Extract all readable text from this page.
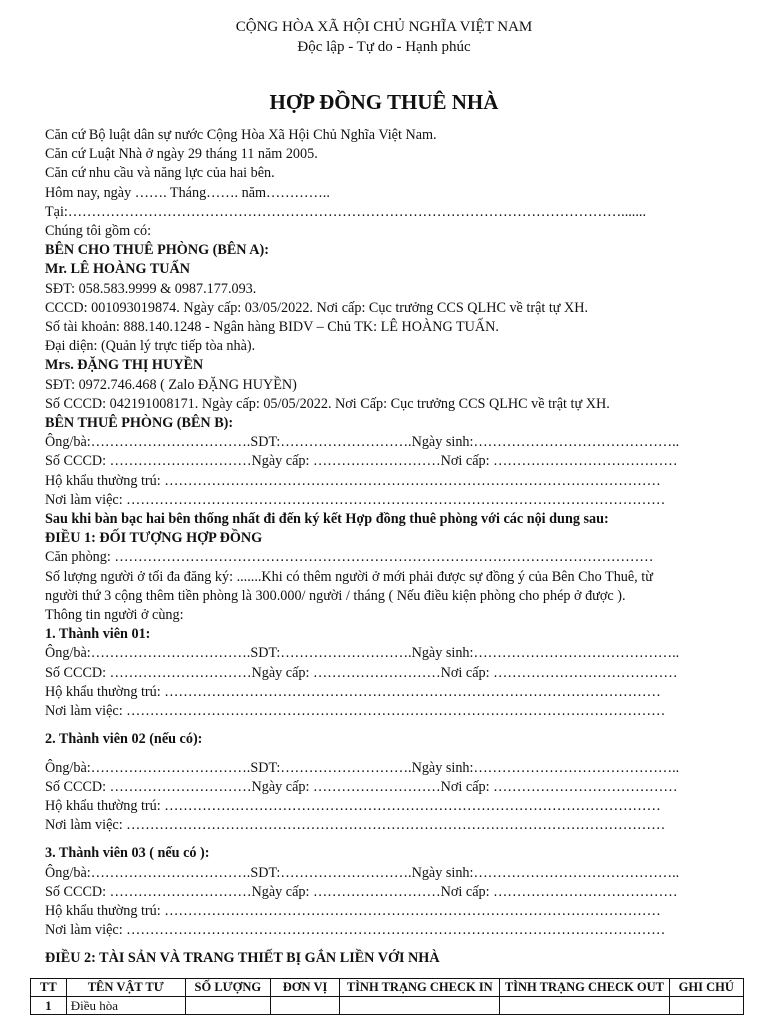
CỘNG HÒA XÃ HỘI CHỦ NGHĨA VIỆT NAM
Độc lập - Tự do - Hạnh phúc
HỢP ĐỒNG THUÊ NHÀ
Căn cứ Bộ luật dân sự nước Cộng Hòa Xã Hội Chủ Nghĩa Việt Nam.
Căn cứ Luật Nhà ở ngày 29 tháng 11 năm 2005.
Căn cứ nhu cầu và năng lực của hai bên.
Hôm nay, ngày ……. Tháng……. năm…………..
Tại:……………………………………………………………………………………………………….......
Chúng tôi gồm có:
BÊN CHO THUÊ PHÒNG (BÊN A):
Mr. LÊ HOÀNG TUẤN
SĐT: 058.583.9999 & 0987.177.093.
CCCD: 001093019874. Ngày cấp: 03/05/2022. Nơi cấp: Cục trưởng CCS QLHC về trật tự XH.
Số tài khoản: 888.140.1248 - Ngân hàng BIDV – Chủ TK: LÊ HOÀNG TUẤN.
Đại diện: (Quản lý trực tiếp tòa nhà).
Mrs. ĐẶNG THỊ HUYỀN
SĐT: 0972.746.468 ( Zalo ĐẶNG HUYỀN)
Số CCCD: 042191008171. Ngày cấp: 05/05/2022. Nơi Cấp: Cục trưởng CCS QLHC về trật tự XH.
BÊN THUÊ PHÒNG (BÊN B):
Ông/bà:…………………………….SDT:……………………….Ngày sinh:……………………………………..
Số CCCD: …………………………Ngày cấp: ………………………Nơi cấp: …………………………………
Hộ khẩu thường trú: ……………………………………………………………………………………………
Nơi làm việc: ……………………………………………………………………………………………………
Sau khi bàn bạc hai bên thống nhất đi đến ký kết Hợp đồng thuê phòng với các nội dung sau:
ĐIỀU 1: ĐỐI TƯỢNG HỢP ĐỒNG
Căn phòng: ……………………………………………………………………………………………………
Số lượng người ở tối đa đăng ký: .......Khi có thêm người ở mới phải được sự đồng ý của Bên Cho Thuê, từ
người thứ 3 cộng thêm tiền phòng là 300.000/ người / tháng ( Nếu điều kiện phòng cho phép ở được ).
Thông tin người ở cùng:
1. Thành viên 01:
Ông/bà:…………………………….SDT:……………………….Ngày sinh:……………………………………..
Số CCCD: …………………………Ngày cấp: ………………………Nơi cấp: …………………………………
Hộ khẩu thường trú: ……………………………………………………………………………………………
Nơi làm việc: ……………………………………………………………………………………………………
2. Thành viên 02 (nếu có):
Ông/bà:…………………………….SDT:……………………….Ngày sinh:……………………………………..
Số CCCD: …………………………Ngày cấp: ………………………Nơi cấp: …………………………………
Hộ khẩu thường trú: ……………………………………………………………………………………………
Nơi làm việc: ……………………………………………………………………………………………………
3. Thành viên 03 ( nếu có ):
Ông/bà:…………………………….SDT:……………………….Ngày sinh:……………………………………..
Số CCCD: …………………………Ngày cấp: ………………………Nơi cấp: …………………………………
Hộ khẩu thường trú: ……………………………………………………………………………………………
Nơi làm việc: ……………………………………………………………………………………………………
ĐIỀU 2: TÀI SẢN VÀ TRANG THIẾT BỊ GẮN LIỀN VỚI NHÀ
TT	TÊN VẬT TƯ	SỐ LƯỢNG	ĐƠN VỊ	TÌNH TRẠNG CHECK IN	TÌNH TRẠNG CHECK OUT	GHI CHÚ
1	Điều hòa					
